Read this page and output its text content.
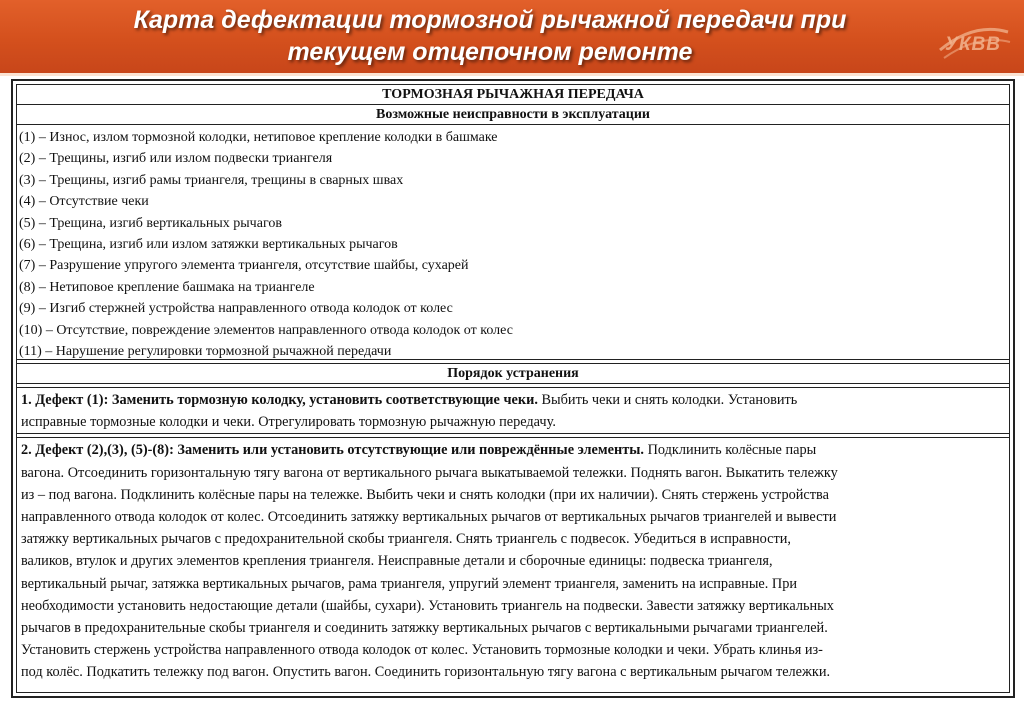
Карта дефектации тормозной рычажной передачи при
текущем отцепочном ремонте	УКВВ
ТОРМОЗНАЯ РЫЧАЖНАЯ ПЕРЕДАЧА
Возможные неисправности в эксплуатации
(1) – Износ, излом тормозной колодки, нетиповое крепление колодки в башмаке
(2) – Трещины, изгиб или излом подвески триангеля
(3) – Трещины, изгиб рамы триангеля, трещины в сварных швах
(4) – Отсутствие чеки
(5) – Трещина, изгиб вертикальных рычагов
(6) – Трещина, изгиб или излом затяжки вертикальных рычагов
(7) – Разрушение упругого элемента триангеля, отсутствие шайбы, сухарей
(8) – Нетиповое крепление башмака на триангеле
(9) – Изгиб стержней устройства направленного отвода колодок от колес
(10) – Отсутствие, повреждение элементов направленного отвода колодок от колес
(11) – Нарушение регулировки тормозной рычажной передачи
Порядок устранения
1. Дефект (1): Заменить тормозную колодку, установить соответствующие чеки. Выбить чеки и снять колодки. Установить
исправные тормозные колодки и чеки. Отрегулировать тормозную рычажную передачу.
2. Дефект (2),(3), (5)-(8): Заменить или установить отсутствующие или повреждённые элементы. Подклинить колёсные пары
вагона. Отсоединить горизонтальную тягу вагона от вертикального рычага выкатываемой тележки. Поднять вагон. Выкатить тележку
из – под вагона. Подклинить колёсные пары на тележке. Выбить чеки и снять колодки (при их наличии). Снять стержень устройства
направленного отвода колодок от колес. Отсоединить затяжку вертикальных рычагов от вертикальных рычагов триангелей и вывести
затяжку вертикальных рычагов с предохранительной скобы триангеля. Снять триангель с подвесок. Убедиться в исправности,
валиков, втулок и других элементов крепления триангеля. Неисправные детали и сборочные единицы: подвеска триангеля,
вертикальный рычаг, затяжка вертикальных рычагов, рама триангеля, упругий элемент триангеля, заменить на исправные. При
необходимости установить недостающие детали (шайбы, сухари). Установить триангель на подвески. Завести затяжку вертикальных
рычагов в предохранительные скобы триангеля и соединить затяжку вертикальных рычагов с вертикальными рычагами триангелей.
Установить стержень устройства направленного отвода колодок от колес. Установить тормозные колодки и чеки. Убрать клинья из-
под колёс. Подкатить тележку под вагон. Опустить вагон. Соединить горизонтальную тягу вагона с вертикальным рычагом тележки.
